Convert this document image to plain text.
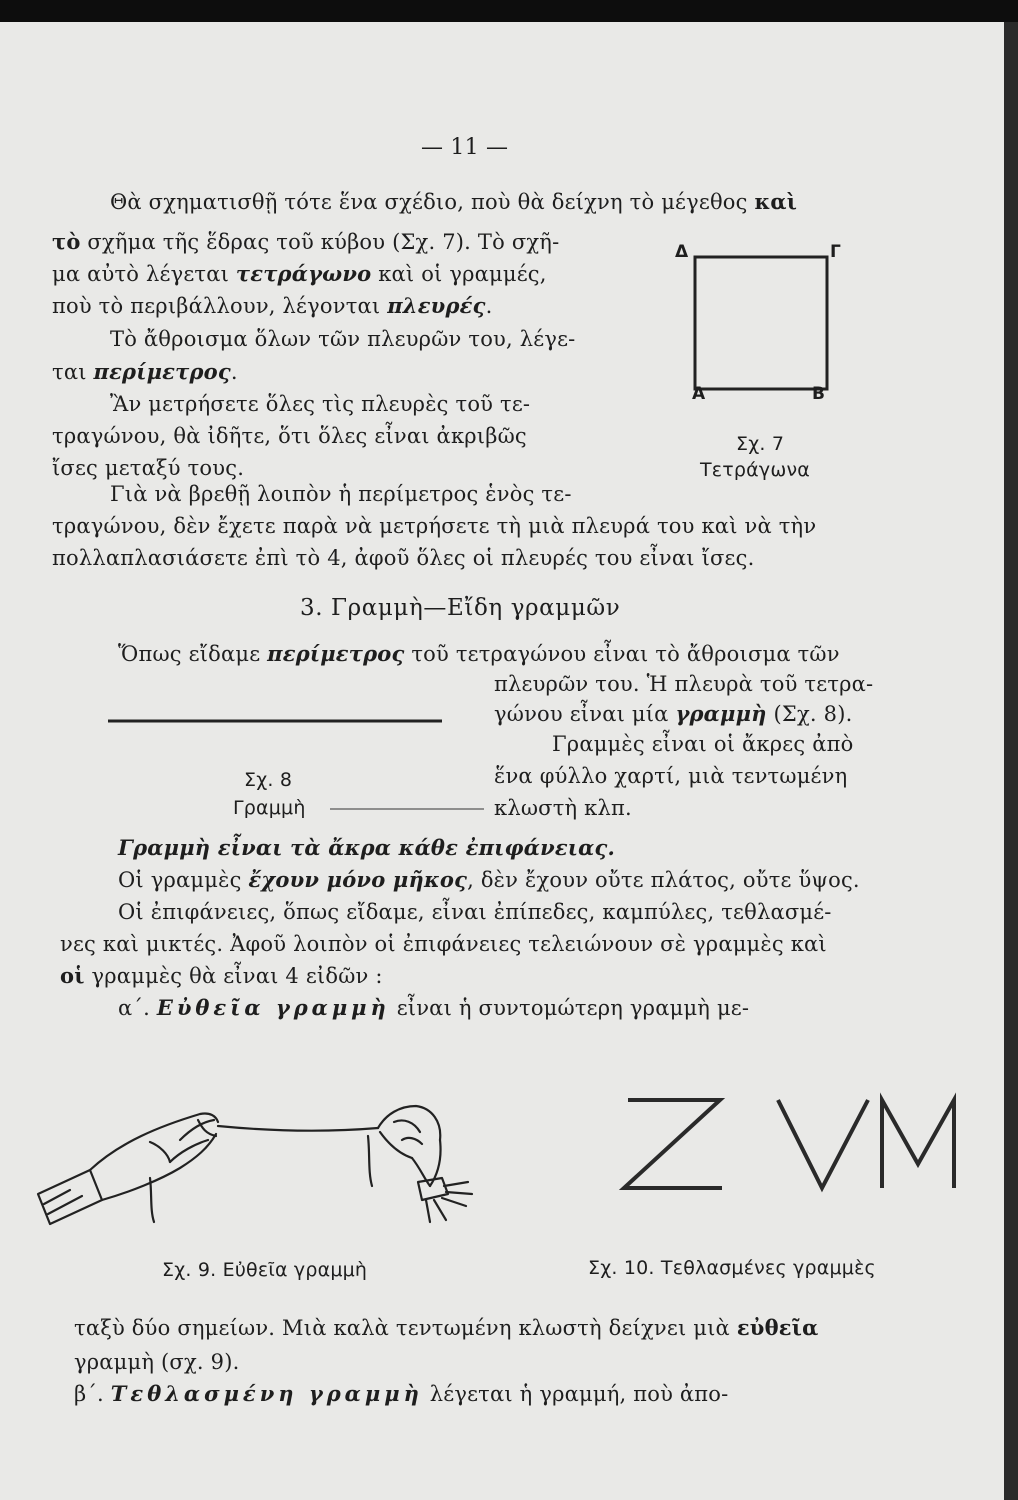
— 11 —
Θὰ σχηματισθῇ τότε ἕνα σχέδιο, ποὺ θὰ δείχνη τὸ μέγεθος καὶ
τὸ σχῆμα τῆς ἕδρας τοῦ κύβου (Σχ. 7). Τὸ σχῆ-
μα αὐτὸ λέγεται τετράγωνο καὶ οἱ γραμμές,
ποὺ τὸ περιβάλλουν, λέγονται πλευρές.
Τὸ ἄθροισμα ὅλων τῶν πλευρῶν του, λέγε-
ται περίμετρος.
Ἂν μετρήσετε ὅλες τὶς πλευρὲς τοῦ τε-
τραγώνου, θὰ ἰδῆτε, ὅτι ὅλες εἶναι ἀκριβῶς
ἴσες μεταξύ τους.
Γιὰ νὰ βρεθῇ λοιπὸν ἡ περίμετρος ἑνὸς τε-
τραγώνου, δὲν ἔχετε παρὰ νὰ μετρήσετε τὴ μιὰ πλευρά του καὶ νὰ τὴν
πολλαπλασιάσετε ἐπὶ τὸ 4, ἀφοῦ ὅλες οἱ πλευρές του εἶναι ἴσες.
Δ	Γ
Α	Β
Σχ. 7
Τετράγωνα
3. Γραμμὴ—Εἴδη γραμμῶν
Ὅπως εἴδαμε περίμετρος τοῦ τετραγώνου εἶναι τὸ ἄθροισμα τῶν
πλευρῶν του. Ἡ πλευρὰ τοῦ τετρα-
γώνου εἶναι μία γραμμὴ (Σχ. 8).
Γραμμὲς εἶναι οἱ ἄκρες ἀπὸ
ἕνα φύλλο χαρτί, μιὰ τεντωμένη
κλωστὴ κλπ.
Σχ. 8
Γραμμὴ
Γραμμὴ εἶναι τὰ ἄκρα κάθε ἐπιφάνειας.
Οἱ γραμμὲς ἔχουν μόνο μῆκος, δὲν ἔχουν οὔτε πλάτος, οὔτε ὕψος.
Οἱ ἐπιφάνειες, ὅπως εἴδαμε, εἶναι ἐπίπεδες, καμπύλες, τεθλασμέ-
νες καὶ μικτές. Ἀφοῦ λοιπὸν οἱ ἐπιφάνειες τελειώνουν σὲ γραμμὲς καὶ
οἱ γραμμὲς θὰ εἶναι 4 εἰδῶν :
α΄. Εὐθεῖα γραμμὴ εἶναι ἡ συντομώτερη γραμμὴ με-
Σχ. 9. Εὐθεῖα γραμμὴ	Σχ. 10. Τεθλασμένες γραμμὲς
ταξὺ δύο σημείων. Μιὰ καλὰ τεντωμένη κλωστὴ δείχνει μιὰ εὐθεῖα
γραμμὴ (σχ. 9).
β΄. Τεθλασμένη γραμμὴ λέγεται ἡ γραμμή, ποὺ ἀπο-
